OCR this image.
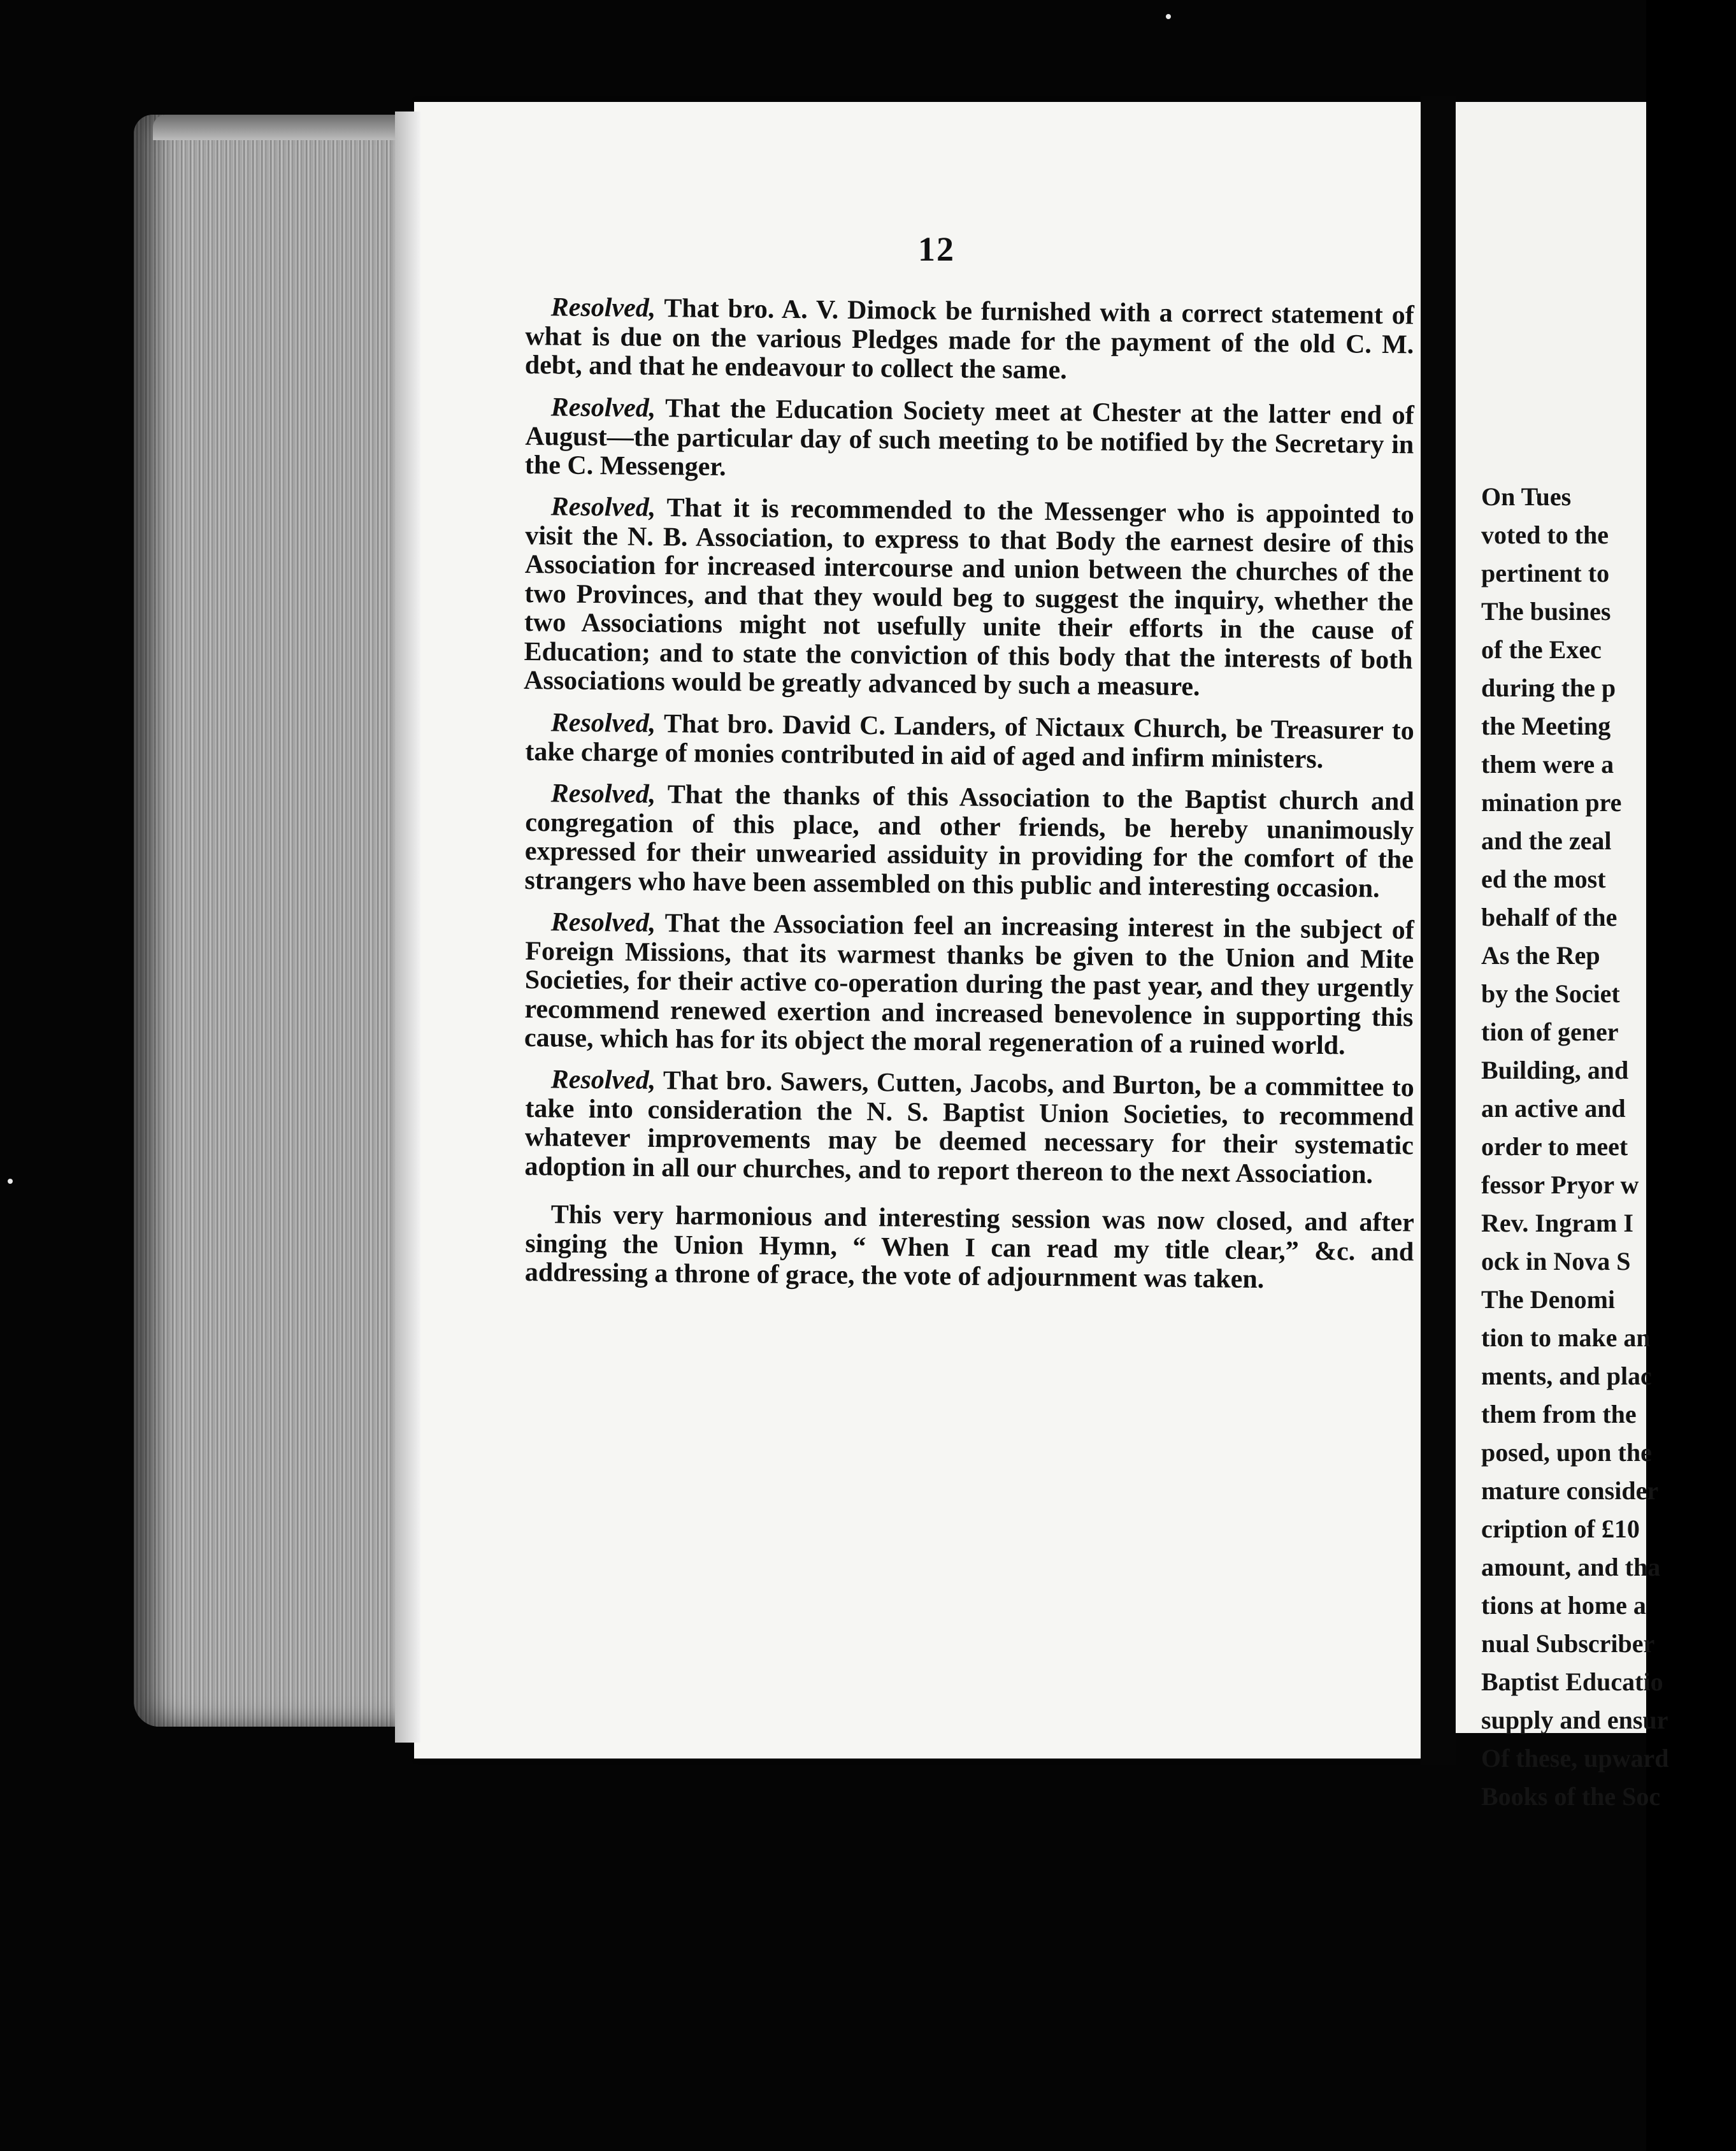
12

Resolved, That bro. A. V. Dimock be furnished with a correct statement of what is due on the various Pledges made for the payment of the old C. M. debt, and that he endeavour to collect the same.

Resolved, That the Education Society meet at Chester at the latter end of August—the particular day of such meeting to be notified by the Secretary in the C. Messenger.

Resolved, That it is recommended to the Messenger who is appointed to visit the N. B. Association, to express to that Body the earnest desire of this Association for increased intercourse and union between the churches of the two Provinces, and that they would beg to suggest the inquiry, whether the two Associations might not usefully unite their efforts in the cause of Education; and to state the conviction of this body that the interests of both Associations would be greatly advanced by such a measure.

Resolved, That bro. David C. Landers, of Nictaux Church, be Treasurer to take charge of monies contributed in aid of aged and infirm ministers.

Resolved, That the thanks of this Association to the Baptist church and congregation of this place, and other friends, be hereby unanimously expressed for their unwearied assiduity in providing for the comfort of the strangers who have been assembled on this public and interesting occasion.

Resolved, That the Association feel an increasing interest in the subject of Foreign Missions, that its warmest thanks be given to the Union and Mite Societies, for their active co-operation during the past year, and they urgently recommend renewed exertion and increased benevolence in supporting this cause, which has for its object the moral regeneration of a ruined world.

Resolved, That bro. Sawers, Cutten, Jacobs, and Burton, be a committee to take into consideration the N. S. Baptist Union Societies, to recommend whatever improvements may be deemed necessary for their systematic adoption in all our churches, and to report thereon to the next Association.

This very harmonious and interesting session was now closed, and after singing the Union Hymn, “ When I can read my title clear,” &c. and addressing a throne of grace, the vote of adjournment was taken.

On Tues
voted to the
pertinent to
The busines
of the Exec
during the p
the Meeting
them were a
mination pre
and the zeal
ed the most
behalf of the
As the Rep
by the Societ
tion of gener
Building, and
an active and
order to meet
fessor Pryor w
Rev. Ingram I
ock in Nova S
The Denomi
tion to make an
ments, and plac
them from the
posed, upon the
mature consider
cription of £10
amount, and tha
tions at home a
nual Subscriber
Baptist Educatio
supply and ensur
Of these, upward
Books of the Soc
